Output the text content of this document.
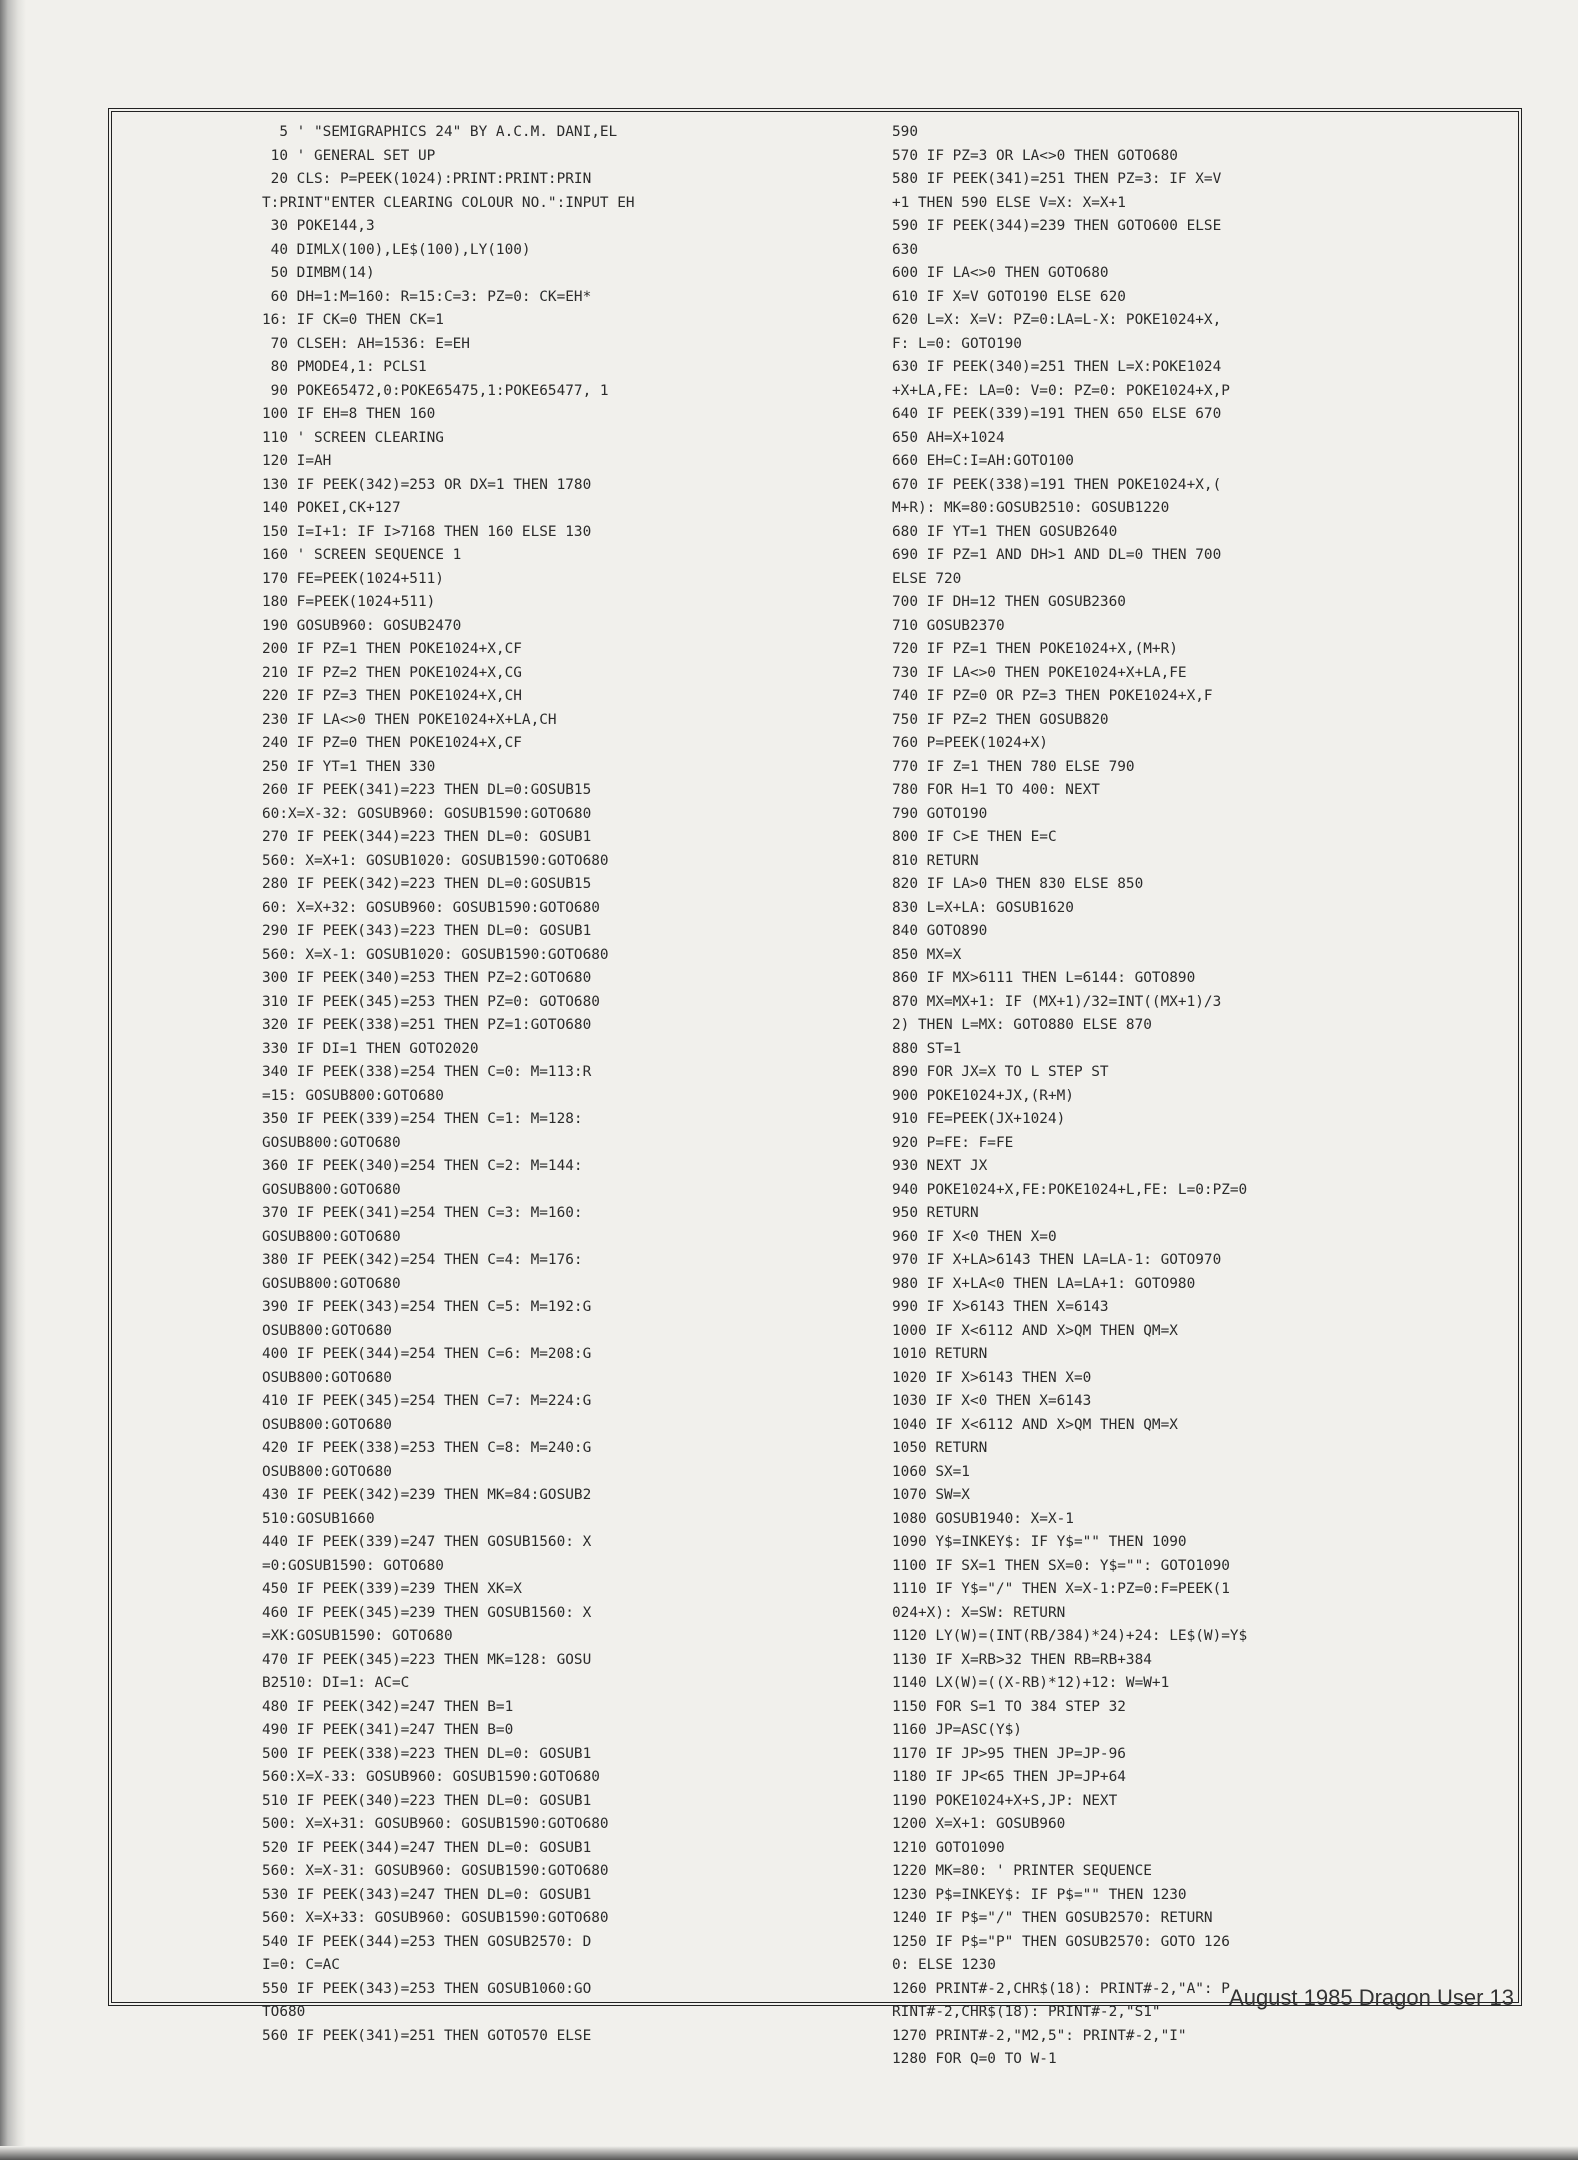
5 ' "SEMIGRAPHICS 24" BY A.C.M. DANI,EL
10 ' GENERAL SET UP
20 CLS: P=PEEK(1024):PRINT:PRINT:PRIN
T:PRINT"ENTER CLEARING COLOUR NO.":INPUT EH
30 POKE144,3
40 DIMLX(100),LE$(100),LY(100)
50 DIMBM(14)
60 DH=1:M=160: R=15:C=3: PZ=0: CK=EH*
16: IF CK=0 THEN CK=1
70 CLSEH: AH=1536: E=EH
80 PMODE4,1: PCLS1
90 POKE65472,0:POKE65475,1:POKE65477, 1
100 IF EH=8 THEN 160
110 ' SCREEN CLEARING
120 I=AH
130 IF PEEK(342)=253 OR DX=1 THEN 1780
140 POKEI,CK+127
150 I=I+1: IF I>7168 THEN 160 ELSE 130
160 ' SCREEN SEQUENCE 1
170 FE=PEEK(1024+511)
180 F=PEEK(1024+511)
190 GOSUB960: GOSUB2470
200 IF PZ=1 THEN POKE1024+X,CF
210 IF PZ=2 THEN POKE1024+X,CG
220 IF PZ=3 THEN POKE1024+X,CH
230 IF LA<>0 THEN POKE1024+X+LA,CH
240 IF PZ=0 THEN POKE1024+X,CF
250 IF YT=1 THEN 330
260 IF PEEK(341)=223 THEN DL=0:GOSUB15
60:X=X-32: GOSUB960: GOSUB1590:GOTO680
270 IF PEEK(344)=223 THEN DL=0: GOSUB1
560: X=X+1: GOSUB1020: GOSUB1590:GOTO680
280 IF PEEK(342)=223 THEN DL=0:GOSUB15
60: X=X+32: GOSUB960: GOSUB1590:GOTO680
290 IF PEEK(343)=223 THEN DL=0: GOSUB1
560: X=X-1: GOSUB1020: GOSUB1590:GOTO680
300 IF PEEK(340)=253 THEN PZ=2:GOTO680
310 IF PEEK(345)=253 THEN PZ=0: GOTO680
320 IF PEEK(338)=251 THEN PZ=1:GOTO680
330 IF DI=1 THEN GOTO2020
340 IF PEEK(338)=254 THEN C=0: M=113:R
=15: GOSUB800:GOTO680
350 IF PEEK(339)=254 THEN C=1: M=128:
GOSUB800:GOTO680
360 IF PEEK(340)=254 THEN C=2: M=144:
GOSUB800:GOTO680
370 IF PEEK(341)=254 THEN C=3: M=160:
GOSUB800:GOTO680
380 IF PEEK(342)=254 THEN C=4: M=176:
GOSUB800:GOTO680
390 IF PEEK(343)=254 THEN C=5: M=192:G
OSUB800:GOTO680
400 IF PEEK(344)=254 THEN C=6: M=208:G
OSUB800:GOTO680
410 IF PEEK(345)=254 THEN C=7: M=224:G
OSUB800:GOTO680
420 IF PEEK(338)=253 THEN C=8: M=240:G
OSUB800:GOTO680
430 IF PEEK(342)=239 THEN MK=84:GOSUB2
510:GOSUB1660
440 IF PEEK(339)=247 THEN GOSUB1560: X
=0:GOSUB1590: GOTO680
450 IF PEEK(339)=239 THEN XK=X
460 IF PEEK(345)=239 THEN GOSUB1560: X
=XK:GOSUB1590: GOTO680
470 IF PEEK(345)=223 THEN MK=128: GOSU
B2510: DI=1: AC=C
480 IF PEEK(342)=247 THEN B=1
490 IF PEEK(341)=247 THEN B=0
500 IF PEEK(338)=223 THEN DL=0: GOSUB1
560:X=X-33: GOSUB960: GOSUB1590:GOTO680
510 IF PEEK(340)=223 THEN DL=0: GOSUB1
500: X=X+31: GOSUB960: GOSUB1590:GOTO680
520 IF PEEK(344)=247 THEN DL=0: GOSUB1
560: X=X-31: GOSUB960: GOSUB1590:GOTO680
530 IF PEEK(343)=247 THEN DL=0: GOSUB1
560: X=X+33: GOSUB960: GOSUB1590:GOTO680
540 IF PEEK(344)=253 THEN GOSUB2570: D
I=0: C=AC
550 IF PEEK(343)=253 THEN GOSUB1060:GO
TO680
560 IF PEEK(341)=251 THEN GOTO570 ELSE
590
570 IF PZ=3 OR LA<>0 THEN GOTO680
580 IF PEEK(341)=251 THEN PZ=3: IF X=V
+1 THEN 590 ELSE V=X: X=X+1
590 IF PEEK(344)=239 THEN GOTO600 ELSE
630
600 IF LA<>0 THEN GOTO680
610 IF X=V GOTO190 ELSE 620
620 L=X: X=V: PZ=0:LA=L-X: POKE1024+X,
F: L=0: GOTO190
630 IF PEEK(340)=251 THEN L=X:POKE1024
+X+LA,FE: LA=0: V=0: PZ=0: POKE1024+X,P
640 IF PEEK(339)=191 THEN 650 ELSE 670
650 AH=X+1024
660 EH=C:I=AH:GOTO100
670 IF PEEK(338)=191 THEN POKE1024+X,(
M+R): MK=80:GOSUB2510: GOSUB1220
680 IF YT=1 THEN GOSUB2640
690 IF PZ=1 AND DH>1 AND DL=0 THEN 700
ELSE 720
700 IF DH=12 THEN GOSUB2360
710 GOSUB2370
720 IF PZ=1 THEN POKE1024+X,(M+R)
730 IF LA<>0 THEN POKE1024+X+LA,FE
740 IF PZ=0 OR PZ=3 THEN POKE1024+X,F
750 IF PZ=2 THEN GOSUB820
760 P=PEEK(1024+X)
770 IF Z=1 THEN 780 ELSE 790
780 FOR H=1 TO 400: NEXT
790 GOTO190
800 IF C>E THEN E=C
810 RETURN
820 IF LA>0 THEN 830 ELSE 850
830 L=X+LA: GOSUB1620
840 GOTO890
850 MX=X
860 IF MX>6111 THEN L=6144: GOTO890
870 MX=MX+1: IF (MX+1)/32=INT((MX+1)/3
2) THEN L=MX: GOTO880 ELSE 870
880 ST=1
890 FOR JX=X TO L STEP ST
900 POKE1024+JX,(R+M)
910 FE=PEEK(JX+1024)
920 P=FE: F=FE
930 NEXT JX
940 POKE1024+X,FE:POKE1024+L,FE: L=0:PZ=0
950 RETURN
960 IF X<0 THEN X=0
970 IF X+LA>6143 THEN LA=LA-1: GOTO970
980 IF X+LA<0 THEN LA=LA+1: GOTO980
990 IF X>6143 THEN X=6143
1000 IF X<6112 AND X>QM THEN QM=X
1010 RETURN
1020 IF X>6143 THEN X=0
1030 IF X<0 THEN X=6143
1040 IF X<6112 AND X>QM THEN QM=X
1050 RETURN
1060 SX=1
1070 SW=X
1080 GOSUB1940: X=X-1
1090 Y$=INKEY$: IF Y$="" THEN 1090
1100 IF SX=1 THEN SX=0: Y$="": GOTO1090
1110 IF Y$="/" THEN X=X-1:PZ=0:F=PEEK(1
024+X): X=SW: RETURN
1120 LY(W)=(INT(RB/384)*24)+24: LE$(W)=Y$
1130 IF X=RB>32 THEN RB=RB+384
1140 LX(W)=((X-RB)*12)+12: W=W+1
1150 FOR S=1 TO 384 STEP 32
1160 JP=ASC(Y$)
1170 IF JP>95 THEN JP=JP-96
1180 IF JP<65 THEN JP=JP+64
1190 POKE1024+X+S,JP: NEXT
1200 X=X+1: GOSUB960
1210 GOTO1090
1220 MK=80: ' PRINTER SEQUENCE
1230 P$=INKEY$: IF P$="" THEN 1230
1240 IF P$="/" THEN GOSUB2570: RETURN
1250 IF P$="P" THEN GOSUB2570: GOTO 126
0: ELSE 1230
1260 PRINT#-2,CHR$(18): PRINT#-2,"A": P
RINT#-2,CHR$(18): PRINT#-2,"S1"
1270 PRINT#-2,"M2,5": PRINT#-2,"I"
1280 FOR Q=0 TO W-1
August 1985 Dragon User 13
